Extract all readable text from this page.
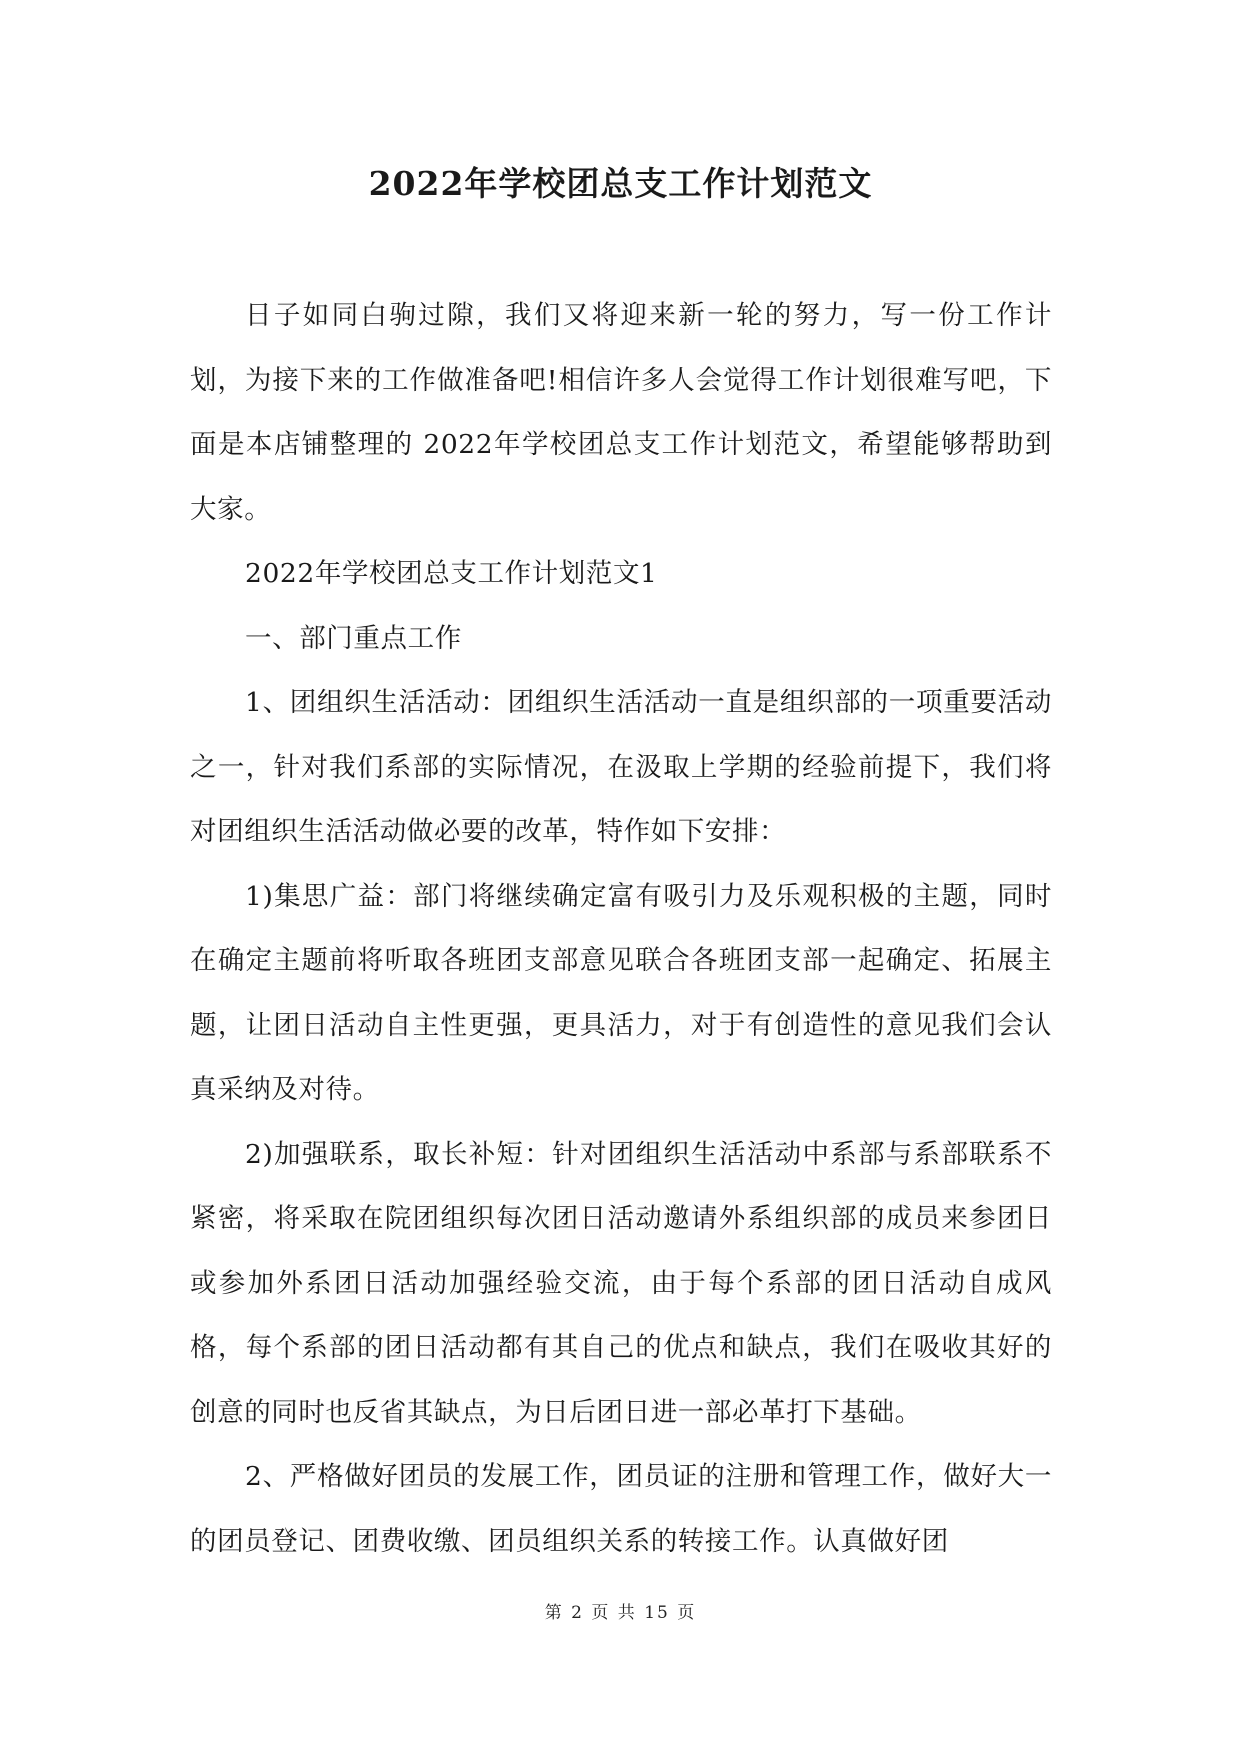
2022年学校团总支工作计划范文

日子如同白驹过隙，我们又将迎来新一轮的努力，写一份工作计划，为接下来的工作做准备吧!相信许多人会觉得工作计划很难写吧，下面是本店铺整理的 2022年学校团总支工作计划范文，希望能够帮助到大家。

2022年学校团总支工作计划范文1

一、部门重点工作

1、团组织生活活动：团组织生活活动一直是组织部的一项重要活动之一，针对我们系部的实际情况，在汲取上学期的经验前提下，我们将对团组织生活活动做必要的改革，特作如下安排：

1)集思广益：部门将继续确定富有吸引力及乐观积极的主题，同时在确定主题前将听取各班团支部意见联合各班团支部一起确定、拓展主题，让团日活动自主性更强，更具活力，对于有创造性的意见我们会认真采纳及对待。

2)加强联系，取长补短：针对团组织生活活动中系部与系部联系不紧密，将采取在院团组织每次团日活动邀请外系组织部的成员来参团日或参加外系团日活动加强经验交流，由于每个系部的团日活动自成风格，每个系部的团日活动都有其自己的优点和缺点，我们在吸收其好的创意的同时也反省其缺点，为日后团日进一部必革打下基础。

2、严格做好团员的发展工作，团员证的注册和管理工作，做好大一的团员登记、团费收缴、团员组织关系的转接工作。认真做好团

第 2 页 共 15 页
